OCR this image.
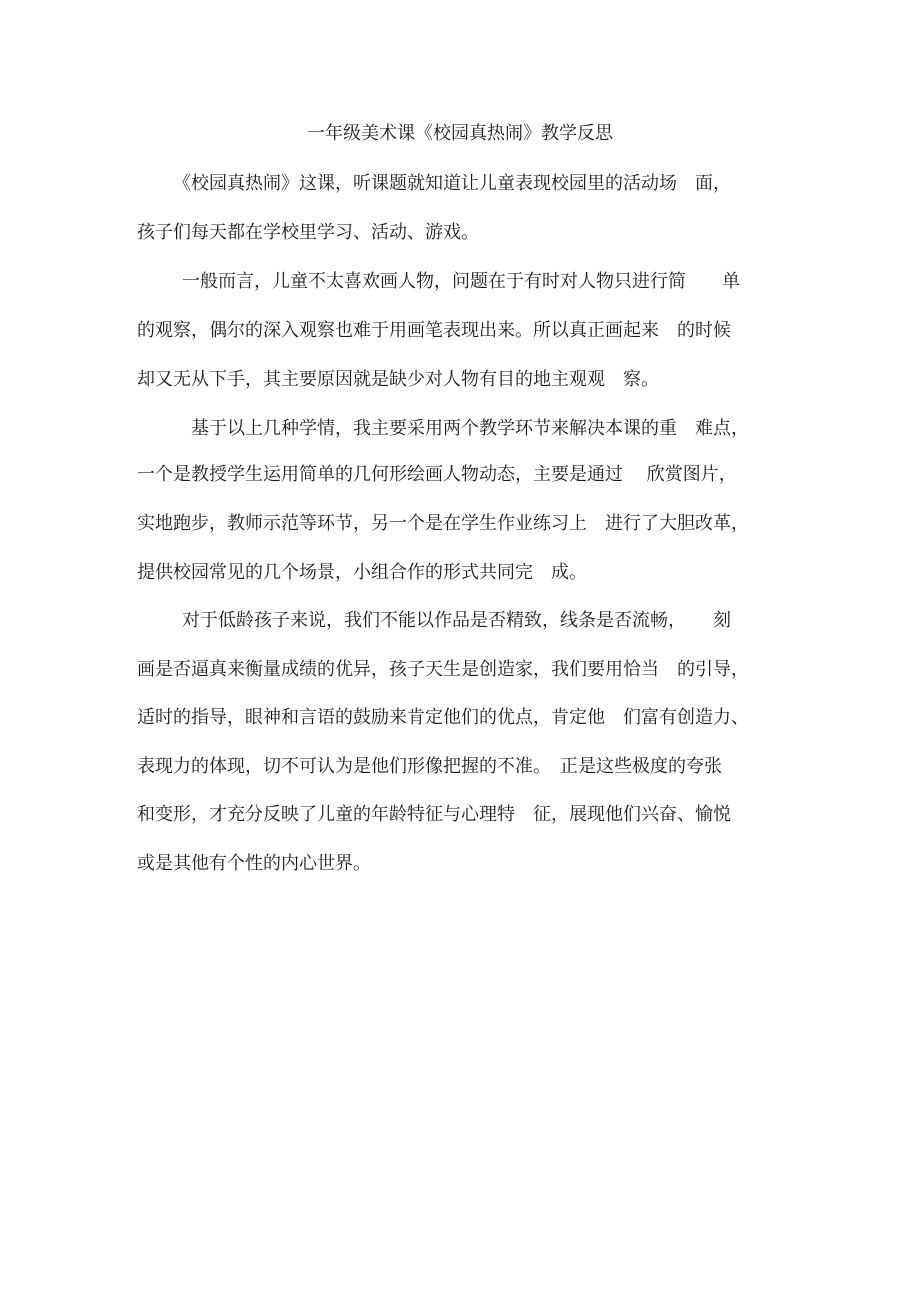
一年级美术课《校园真热闹》教学反思
《校园真热闹》这课，听课题就知道让儿童表现校园里的活动场　面，
孩子们每天都在学校里学习、活动、游戏。
一般而言，儿童不太喜欢画人物，问题在于有时对人物只进行简　　单
的观察，偶尔的深入观察也难于用画笔表现出来。所以真正画起来　的时候
却又无从下手，其主要原因就是缺少对人物有目的地主观观　察。
基于以上几种学情，我主要采用两个教学环节来解决本课的重　难点，
一个是教授学生运用简单的几何形绘画人物动态，主要是通过　 欣赏图片，
实地跑步，教师示范等环节，另一个是在学生作业练习上　进行了大胆改革，
提供校园常见的几个场景，小组合作的形式共同完　成。
对于低龄孩子来说，我们不能以作品是否精致，线条是否流畅，　　刻
画是否逼真来衡量成绩的优异，孩子天生是创造家，我们要用恰当　的引导，
适时的指导，眼神和言语的鼓励来肯定他们的优点，肯定他　们富有创造力、
表现力的体现，切不可认为是他们形像把握的不准。　正是这些极度的夸张
和变形，才充分反映了儿童的年龄特征与心理特　征，展现他们兴奋、愉悦
或是其他有个性的内心世界。
